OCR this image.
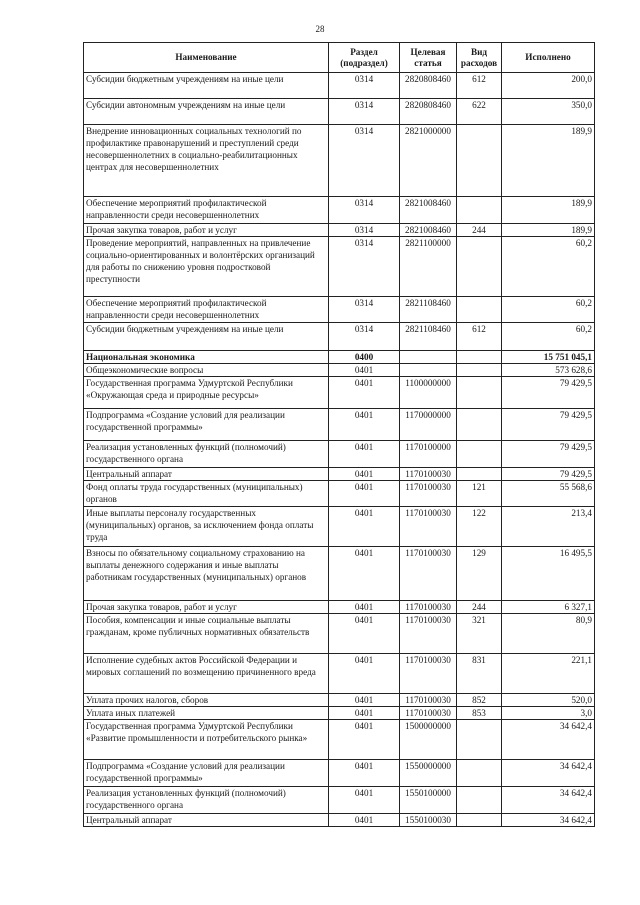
28
Наименование	Раздел (подраздел)	Целевая статья	Вид расходов	Исполнено
Субсидии бюджетным учреждениям на иные цели	0314	2820808460	612	200,0
Субсидии автономным учреждениям на иные цели	0314	2820808460	622	350,0
Внедрение инновационных социальных технологий по профилактике правонарушений и преступлений среди несовершеннолетних в социально-реабилитационных центрах для несовершеннолетних	0314	2821000000		189,9
Обеспечение мероприятий профилактической направленности среди несовершеннолетних	0314	2821008460		189,9
Прочая закупка товаров, работ и услуг	0314	2821008460	244	189,9
Проведение мероприятий, направленных на привлечение социально-ориентированных и волонтёрских организаций для работы по снижению уровня подростковой преступности	0314	2821100000		60,2
Обеспечение мероприятий профилактической направленности среди несовершеннолетних	0314	2821108460		60,2
Субсидии бюджетным учреждениям на иные цели	0314	2821108460	612	60,2
Национальная экономика	0400			15 751 045,1
Общеэкономические вопросы	0401			573 628,6
Государственная программа Удмуртской Республики «Окружающая среда и природные ресурсы»	0401	1100000000		79 429,5
Подпрограмма «Создание условий для реализации государственной программы»	0401	1170000000		79 429,5
Реализация установленных функций (полномочий) государственного органа	0401	1170100000		79 429,5
Центральный аппарат	0401	1170100030		79 429,5
Фонд оплаты труда государственных (муниципальных) органов	0401	1170100030	121	55 568,6
Иные выплаты персоналу государственных (муниципальных) органов, за исключением фонда оплаты труда	0401	1170100030	122	213,4
Взносы по обязательному социальному страхованию на выплаты денежного содержания и иные выплаты работникам государственных (муниципальных) органов	0401	1170100030	129	16 495,5
Прочая закупка товаров, работ и услуг	0401	1170100030	244	6 327,1
Пособия, компенсации и иные социальные выплаты гражданам, кроме публичных нормативных обязательств	0401	1170100030	321	80,9
Исполнение судебных актов Российской Федерации и мировых соглашений по возмещению причиненного вреда	0401	1170100030	831	221,1
Уплата прочих налогов, сборов	0401	1170100030	852	520,0
Уплата иных платежей	0401	1170100030	853	3,0
Государственная программа Удмуртской Республики «Развитие промышленности и потребительского рынка»	0401	1500000000		34 642,4
Подпрограмма «Создание условий для реализации государственной программы»	0401	1550000000		34 642,4
Реализация установленных функций (полномочий) государственного органа	0401	1550100000		34 642,4
Центральный аппарат	0401	1550100030		34 642,4
